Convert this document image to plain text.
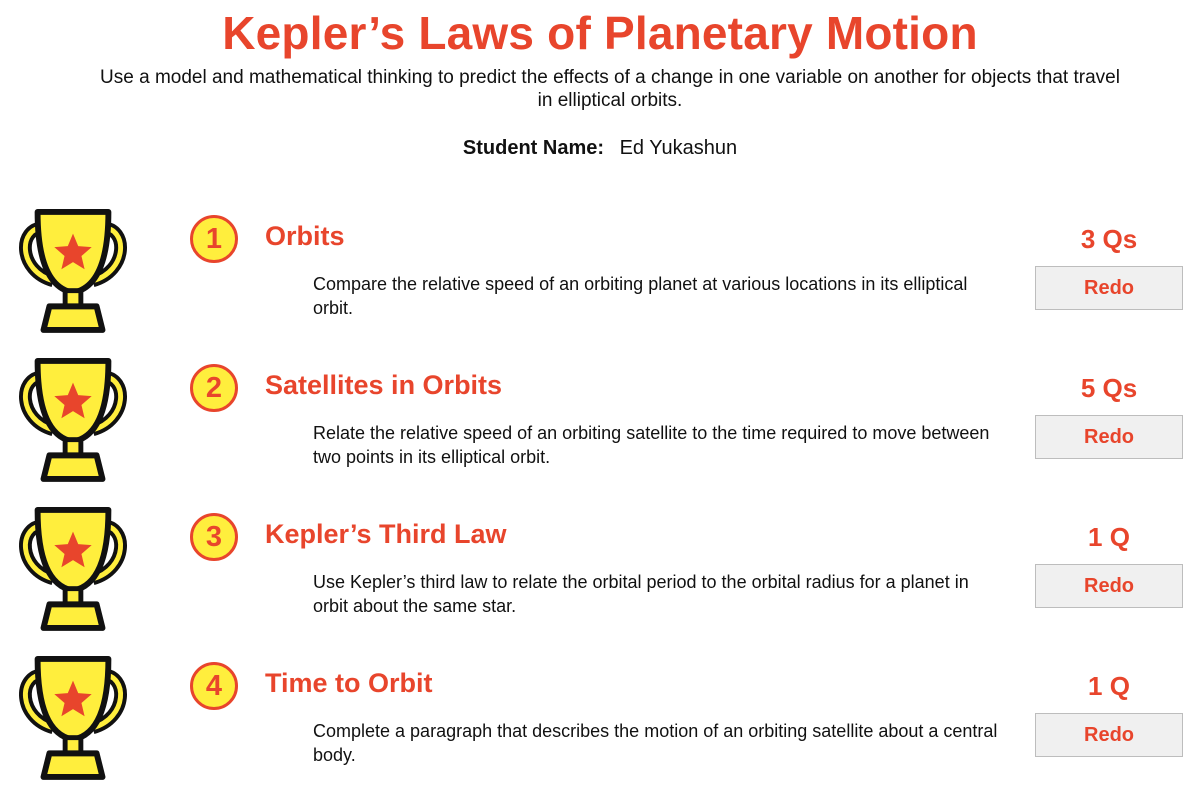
Kepler’s Laws of Planetary Motion
Use a model and mathematical thinking to predict the effects of a change in one variable on another for objects that travel in elliptical orbits.
Student Name: Ed Yukashun
1	Orbits
Compare the relative speed of an orbiting planet at various locations in its elliptical orbit.
3 Qs
Redo
2	Satellites in Orbits
Relate the relative speed of an orbiting satellite to the time required to move between two points in its elliptical orbit.
5 Qs
Redo
3	Kepler’s Third Law
Use Kepler’s third law to relate the orbital period to the orbital radius for a planet in orbit about the same star.
1 Q
Redo
4	Time to Orbit
Complete a paragraph that describes the motion of an orbiting satellite about a central body.
1 Q
Redo
